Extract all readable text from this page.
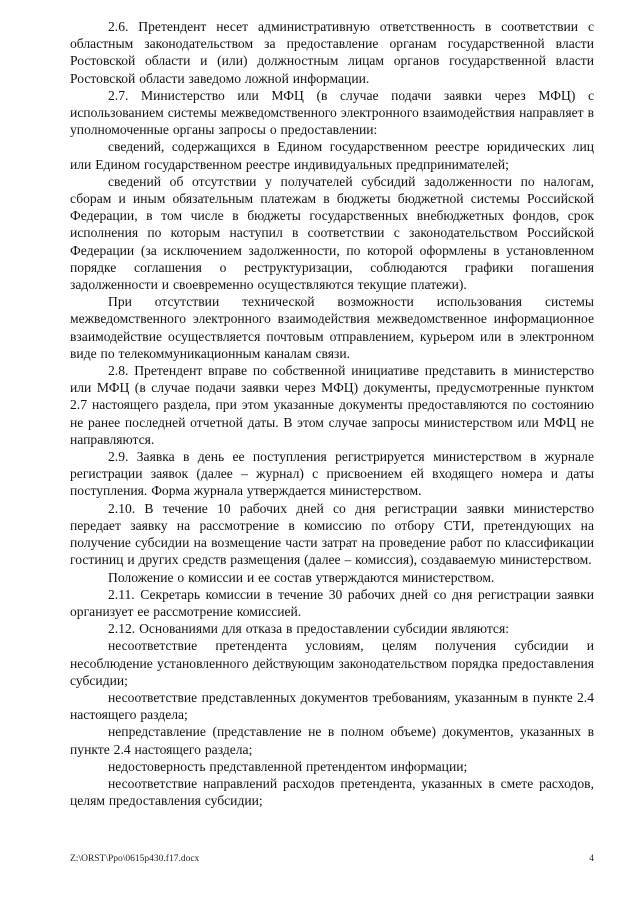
2.6. Претендент несет административную ответственность в соответствии с областным законодательством за предоставление органам государственной власти Ростовской области и (или) должностным лицам органов государственной власти Ростовской области заведомо ложной информации.

2.7. Министерство или МФЦ (в случае подачи заявки через МФЦ) с использованием системы межведомственного электронного взаимодействия направляет в уполномоченные органы запросы о предоставлении:

сведений, содержащихся в Едином государственном реестре юридических лиц или Едином государственном реестре индивидуальных предпринимателей;

сведений об отсутствии у получателей субсидий задолженности по налогам, сборам и иным обязательным платежам в бюджеты бюджетной системы Российской Федерации, в том числе в бюджеты государственных внебюджетных фондов, срок исполнения по которым наступил в соответствии с законодательством Российской Федерации (за исключением задолженности, по которой оформлены в установленном порядке соглашения о реструктуризации, соблюдаются графики погашения задолженности и своевременно осуществляются текущие платежи).

При отсутствии технической возможности использования системы межведомственного электронного взаимодействия межведомственное информационное взаимодействие осуществляется почтовым отправлением, курьером или в электронном виде по телекоммуникационным каналам связи.

2.8. Претендент вправе по собственной инициативе представить в министерство или МФЦ (в случае подачи заявки через МФЦ) документы, предусмотренные пунктом 2.7 настоящего раздела, при этом указанные документы предоставляются по состоянию не ранее последней отчетной даты. В этом случае запросы министерством или МФЦ не направляются.

2.9. Заявка в день ее поступления регистрируется министерством в журнале регистрации заявок (далее – журнал) с присвоением ей входящего номера и даты поступления. Форма журнала утверждается министерством.

2.10. В течение 10 рабочих дней со дня регистрации заявки министерство передает заявку на рассмотрение в комиссию по отбору СТИ, претендующих на получение субсидии на возмещение части затрат на проведение работ по классификации гостиниц и других средств размещения (далее – комиссия), создаваемую министерством.

Положение о комиссии и ее состав утверждаются министерством.

2.11. Секретарь комиссии в течение 30 рабочих дней со дня регистрации заявки организует ее рассмотрение комиссией.

2.12. Основаниями для отказа в предоставлении субсидии являются:

несоответствие претендента условиям, целям получения субсидии и несоблюдение установленного действующим законодательством порядка предоставления субсидии;

несоответствие представленных документов требованиям, указанным в пункте 2.4 настоящего раздела;

непредставление (представление не в полном объеме) документов, указанных в пункте 2.4 настоящего раздела;

недостоверность представленной претендентом информации;

несоответствие направлений расходов претендента, указанных в смете расходов, целям предоставления субсидии;

Z:\ORST\Ppo\0615p430.f17.docx	4
